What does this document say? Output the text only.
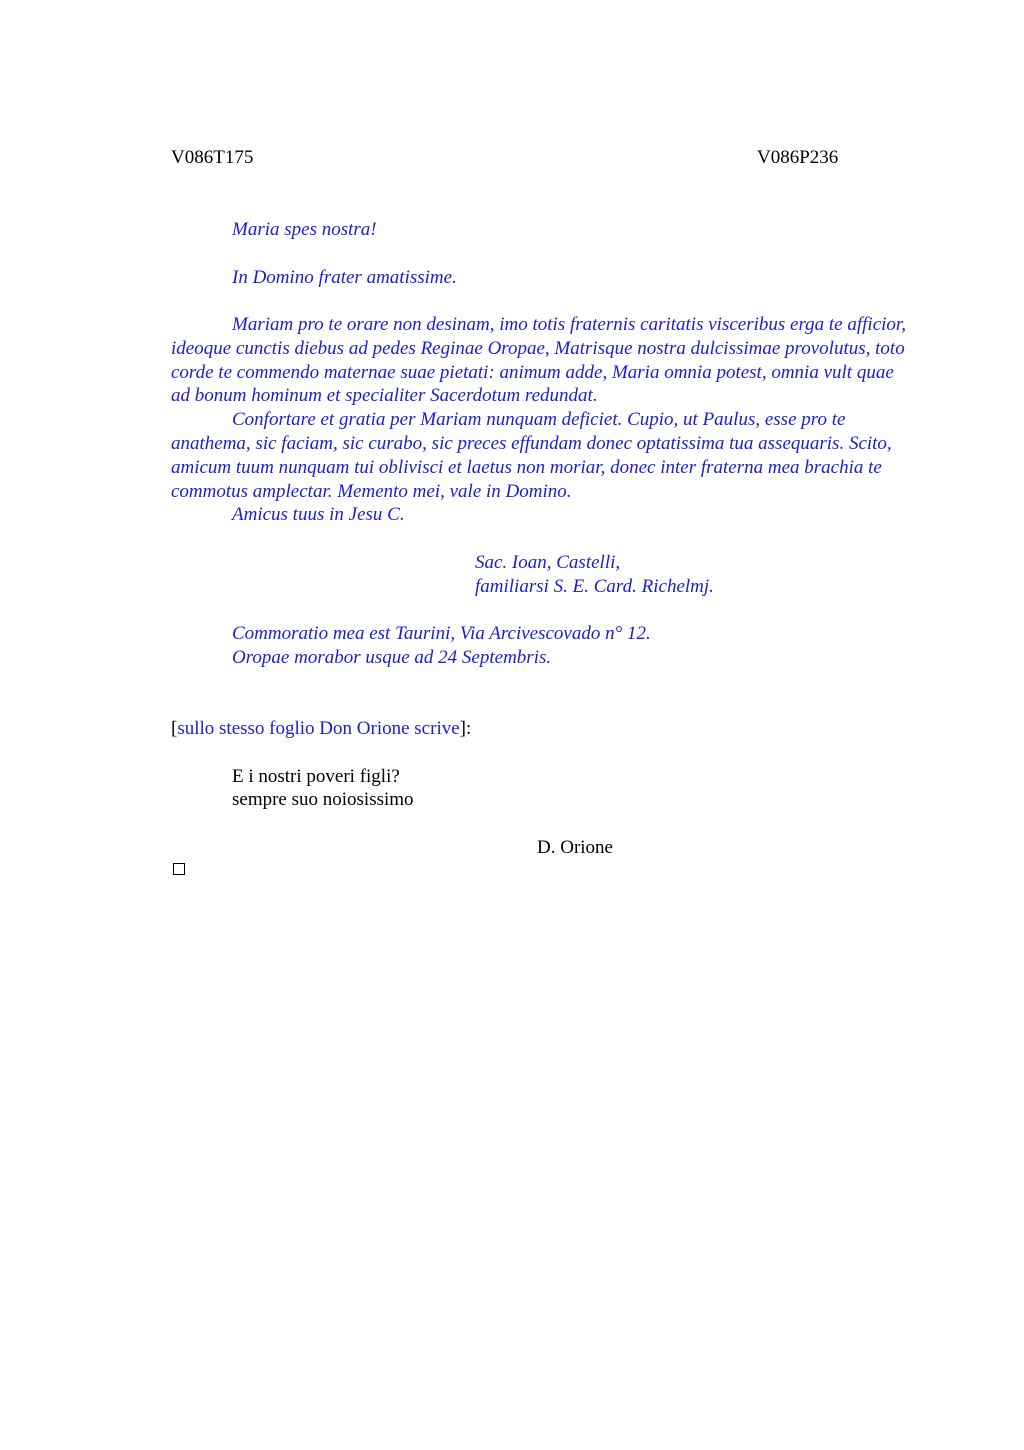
V086T175	V086P236
Maria spes nostra!
In Domino frater amatissime.

Mariam pro te orare non desinam, imo totis fraternis caritatis visceribus erga te afficior, ideoque cunctis diebus ad pedes Reginae Oropae, Matrisque nostra dulcissimae provolutus, toto corde te commendo maternae suae pietati: animum adde, Maria omnia potest, omnia vult quae ad bonum hominum et specialiter Sacerdotum redundat.

Confortare et gratia per Mariam nunquam deficiet. Cupio, ut Paulus, esse pro te anathema, sic faciam, sic curabo, sic preces effundam donec optatissima tua assequaris. Scito, amicum tuum nunquam tui oblivisci et laetus non moriar, donec inter fraterna mea brachia te commotus amplectar. Memento mei, vale in Domino.

Amicus tuus in Jesu C.

Sac. Ioan, Castelli,
familiarsi S. E. Card. Richelmj.
Commoratio mea est Taurini, Via Arcivescovado n° 12.
Oropae morabor usque ad 24 Septembris.
[sullo stesso foglio Don Orione scrive]:
E i nostri poveri figli?
sempre suo noiosissimo
D. Orione
